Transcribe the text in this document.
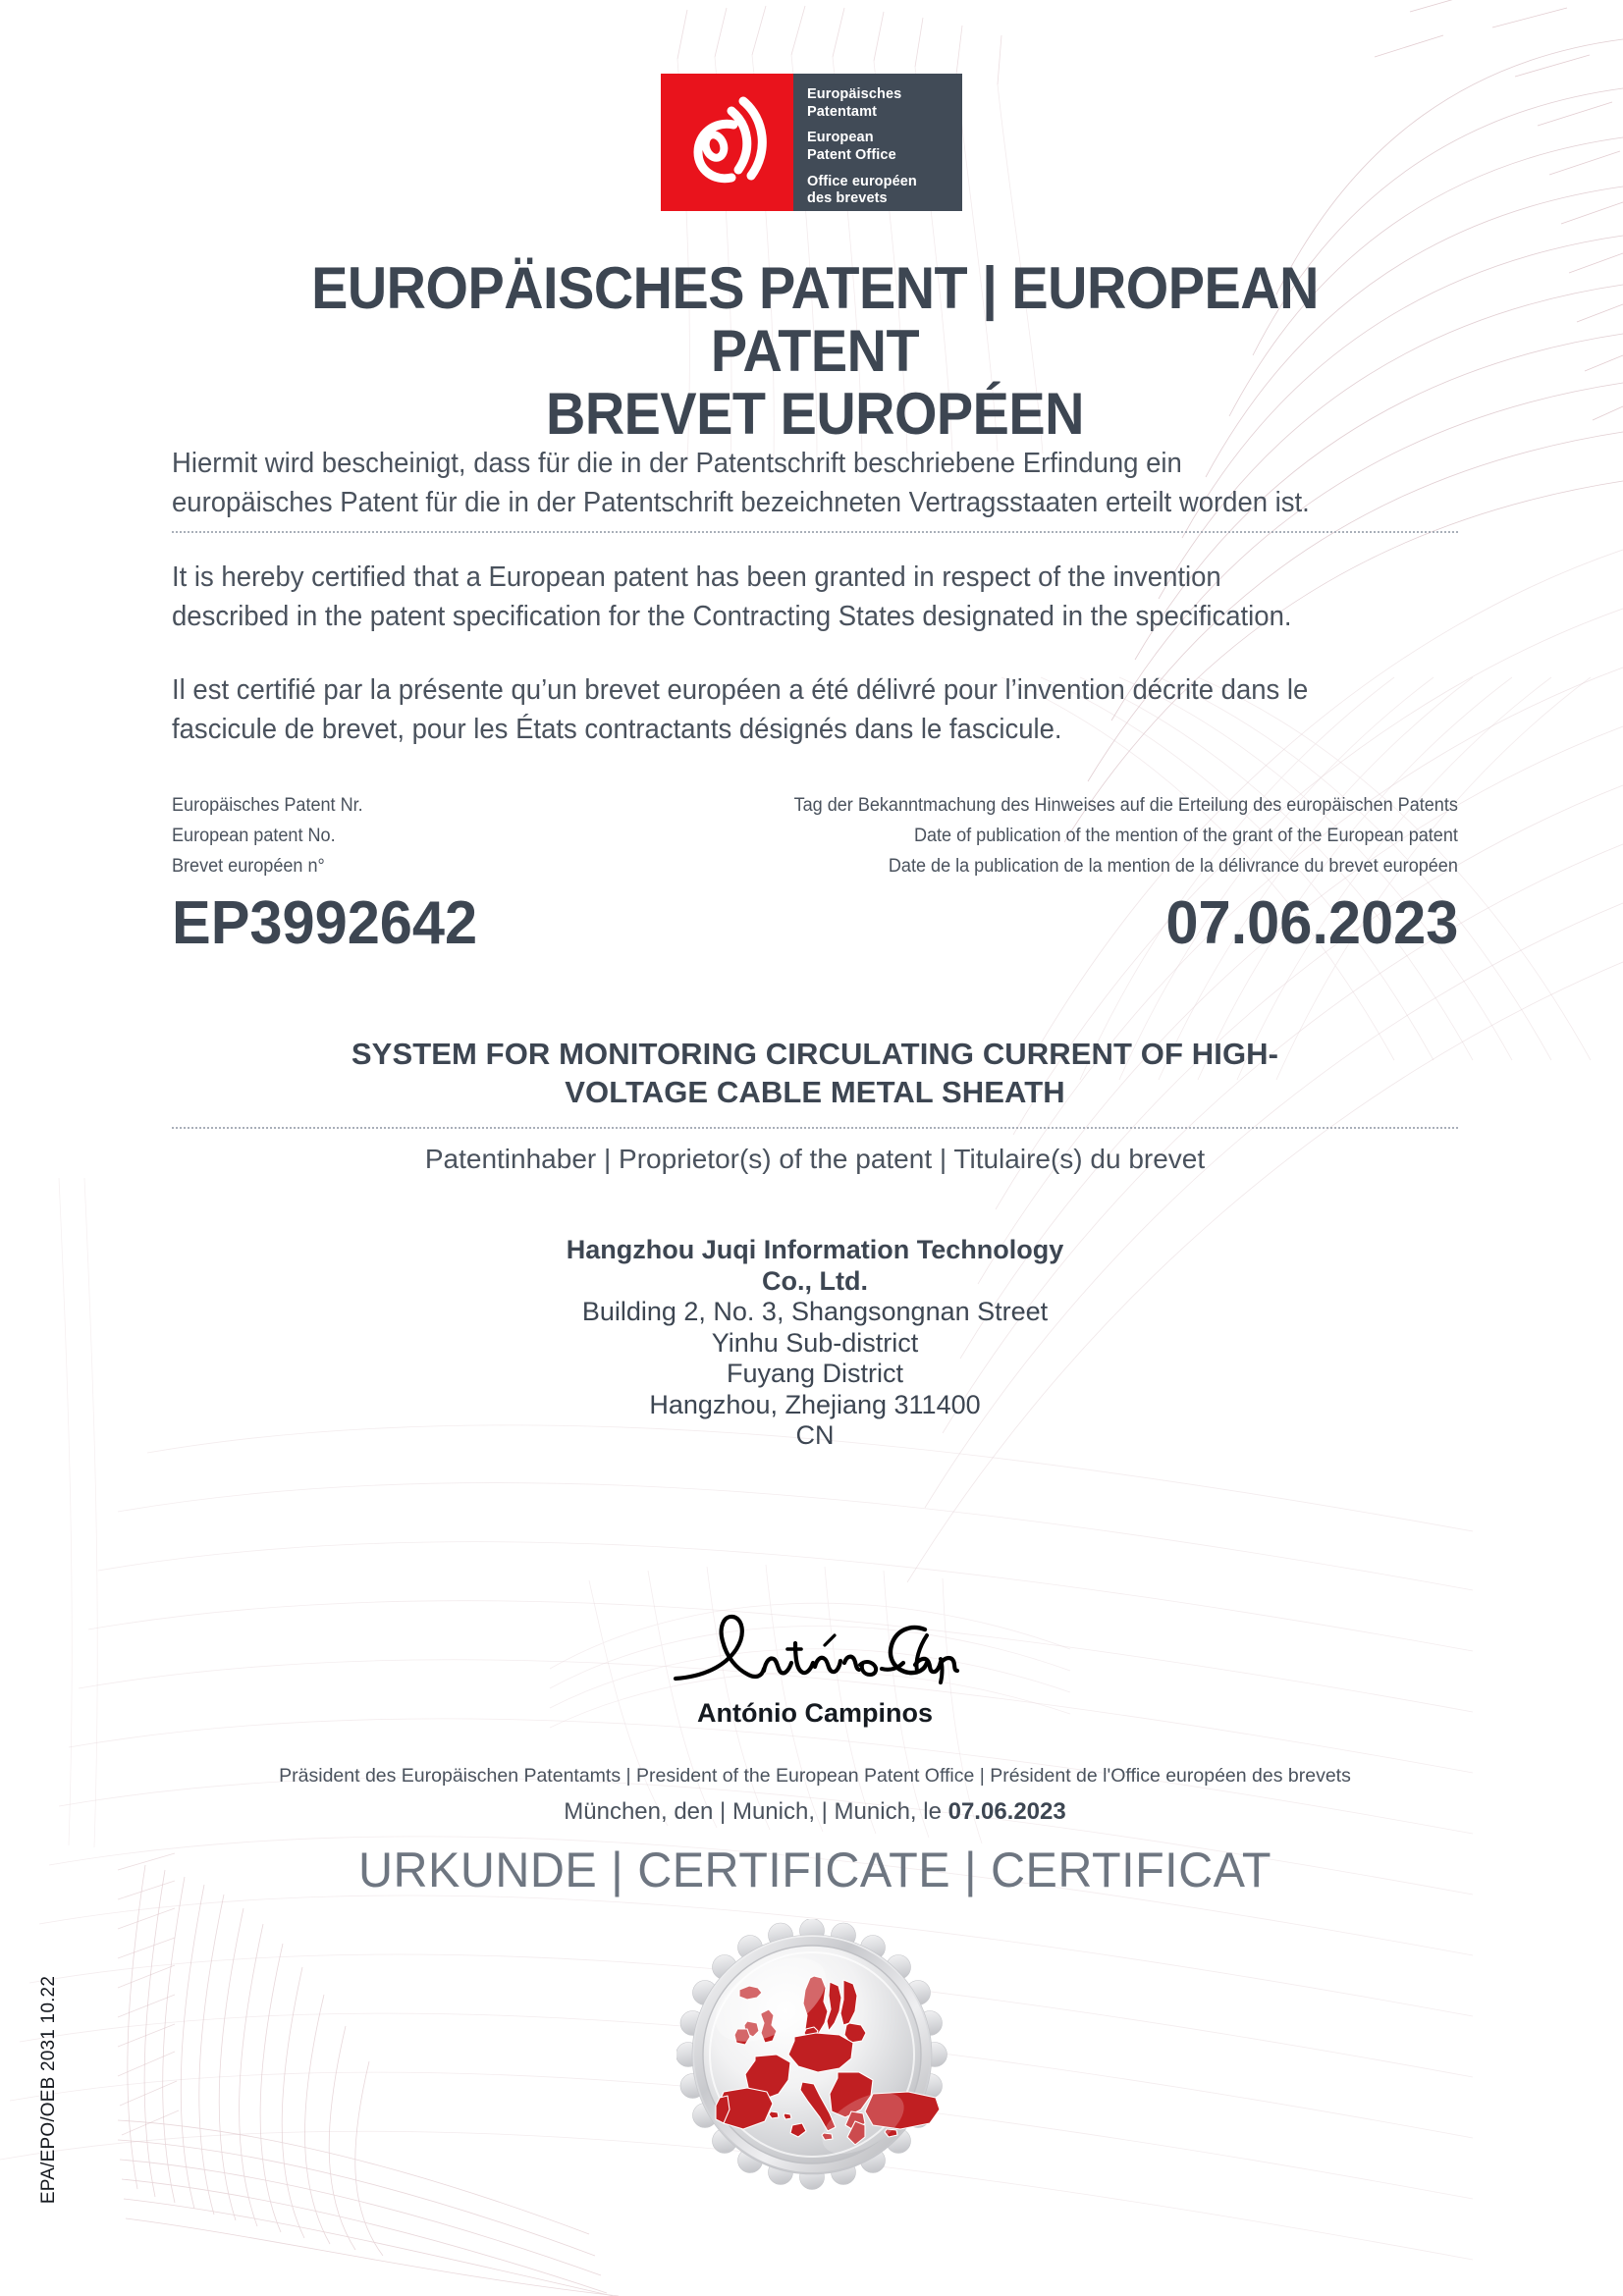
Europäisches
Patentamt
European
Patent Office
Office européen
des brevets
EUROPÄISCHES PATENT | EUROPEAN PATENT
BREVET EUROPÉEN
Hiermit wird bescheinigt, dass für die in der Patentschrift beschriebene Erfindung ein
europäisches Patent für die in der Patentschrift bezeichneten Vertragsstaaten erteilt worden ist.
It is hereby certified that a European patent has been granted in respect of the invention
described in the patent specification for the Contracting States designated in the specification.
Il est certifié par la présente qu’un brevet européen a été délivré pour l’invention décrite dans le
fascicule de brevet, pour les États contractants désignés dans le fascicule.
Europäisches Patent Nr.
European patent No.
Brevet européen n°
Tag der Bekanntmachung des Hinweises auf die Erteilung des europäischen Patents
Date of publication of the mention of the grant of the European patent
Date de la publication de la mention de la délivrance du brevet européen
EP3992642	07.06.2023
SYSTEM FOR MONITORING CIRCULATING CURRENT OF HIGH-
VOLTAGE CABLE METAL SHEATH
Patentinhaber | Proprietor(s) of the patent | Titulaire(s) du brevet
Hangzhou Juqi Information Technology
Co., Ltd.
Building 2, No. 3, Shangsongnan Street
Yinhu Sub-district
Fuyang District
Hangzhou, Zhejiang 311400
CN
António Campinos
Präsident des Europäischen Patentamts | President of the European Patent Office | Président de l'Office européen des brevets
München, den | Munich, | Munich, le 07.06.2023
URKUNDE | CERTIFICATE | CERTIFICAT
EPA/EPO/OEB 2031 10.22
